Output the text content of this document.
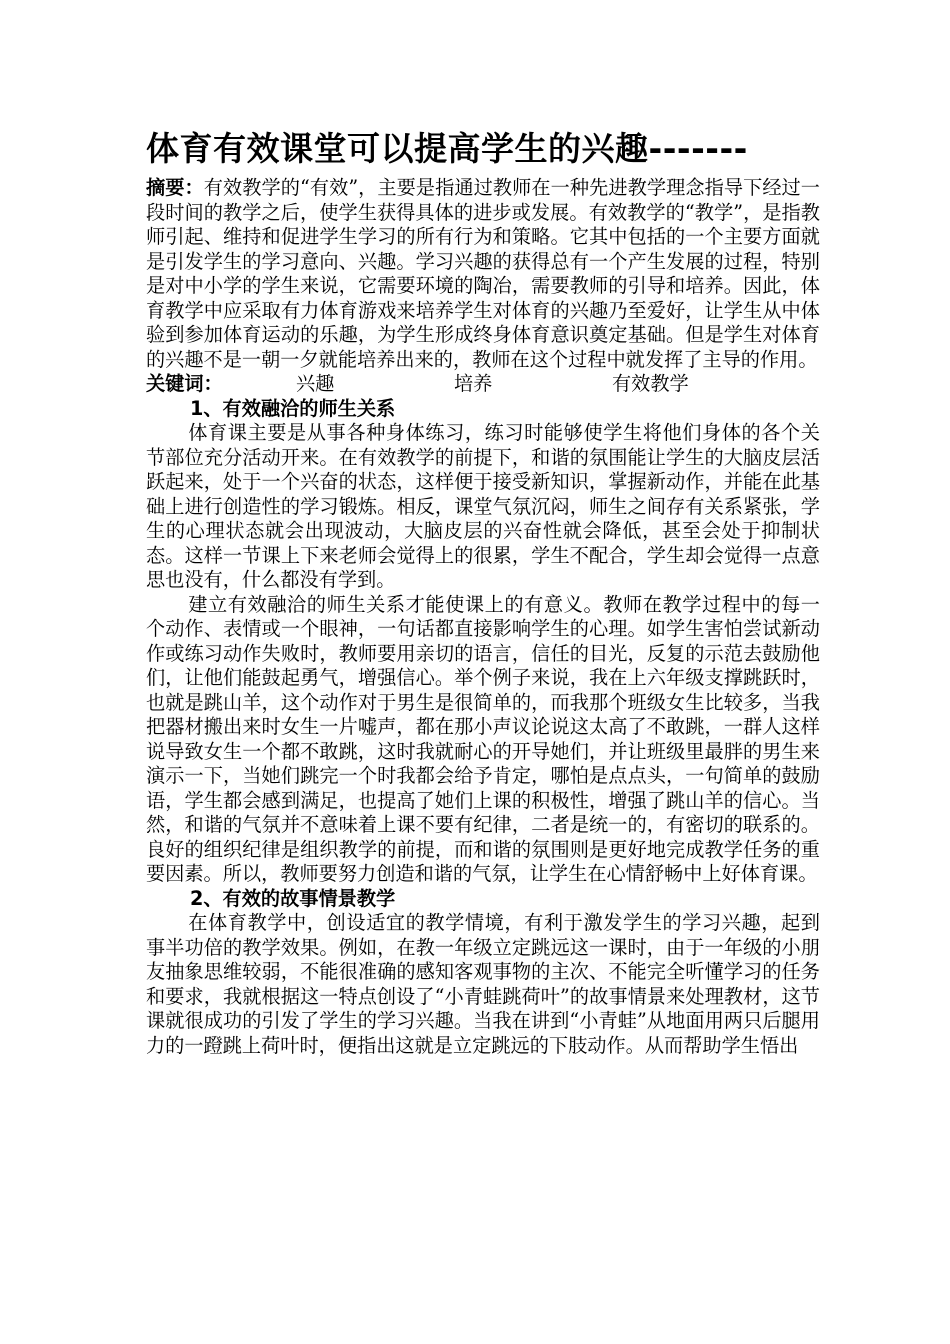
体育有效课堂可以提高学生的兴趣-------

摘要：有效教学的“有效”，主要是指通过教师在一种先进教学理念指导下经过一段时间的教学之后，使学生获得具体的进步或发展。有效教学的“教学”，是指教师引起、维持和促进学生学习的所有行为和策略。它其中包括的一个主要方面就是引发学生的学习意向、兴趣。学习兴趣的获得总有一个产生发展的过程，特别是对中小学的学生来说，它需要环境的陶冶，需要教师的引导和培养。因此，体育教学中应采取有力体育游戏来培养学生对体育的兴趣乃至爱好，让学生从中体验到参加体育运动的乐趣，为学生形成终身体育意识奠定基础。但是学生对体育的兴趣不是一朝一夕就能培养出来的，教师在这个过程中就发挥了主导的作用。

关键词：	兴趣	培养	有效教学
1、有效融洽的师生关系

体育课主要是从事各种身体练习，练习时能够使学生将他们身体的各个关节部位充分活动开来。在有效教学的前提下，和谐的氛围能让学生的大脑皮层活跃起来，处于一个兴奋的状态，这样便于接受新知识，掌握新动作，并能在此基础上进行创造性的学习锻炼。相反，课堂气氛沉闷，师生之间存有关系紧张，学生的心理状态就会出现波动，大脑皮层的兴奋性就会降低，甚至会处于抑制状态。这样一节课上下来老师会觉得上的很累，学生不配合，学生却会觉得一点意思也没有，什么都没有学到。

建立有效融洽的师生关系才能使课上的有意义。教师在教学过程中的每一个动作、表情或一个眼神，一句话都直接影响学生的心理。如学生害怕尝试新动作或练习动作失败时，教师要用亲切的语言，信任的目光，反复的示范去鼓励他们，让他们能鼓起勇气，增强信心。举个例子来说，我在上六年级支撑跳跃时，也就是跳山羊，这个动作对于男生是很简单的，而我那个班级女生比较多，当我把器材搬出来时女生一片嘘声，都在那小声议论说这太高了不敢跳，一群人这样说导致女生一个都不敢跳，这时我就耐心的开导她们，并让班级里最胖的男生来演示一下，当她们跳完一个时我都会给予肯定，哪怕是点点头，一句简单的鼓励语，学生都会感到满足，也提高了她们上课的积极性，增强了跳山羊的信心。当然，和谐的气氛并不意味着上课不要有纪律，二者是统一的，有密切的联系的。良好的组织纪律是组织教学的前提，而和谐的氛围则是更好地完成教学任务的重要因素。所以，教师要努力创造和谐的气氛，让学生在心情舒畅中上好体育课。

2、有效的故事情景教学

在体育教学中，创设适宜的教学情境，有利于激发学生的学习兴趣，起到事半功倍的教学效果。例如，在教一年级立定跳远这一课时，由于一年级的小朋友抽象思维较弱，不能很准确的感知客观事物的主次、不能完全听懂学习的任务和要求，我就根据这一特点创设了“小青蛙跳荷叶”的故事情景来处理教材，这节课就很成功的引发了学生的学习兴趣。当我在讲到“小青蛙”从地面用两只后腿用力的一蹬跳上荷叶时，便指出这就是立定跳远的下肢动作。从而帮助学生悟出
